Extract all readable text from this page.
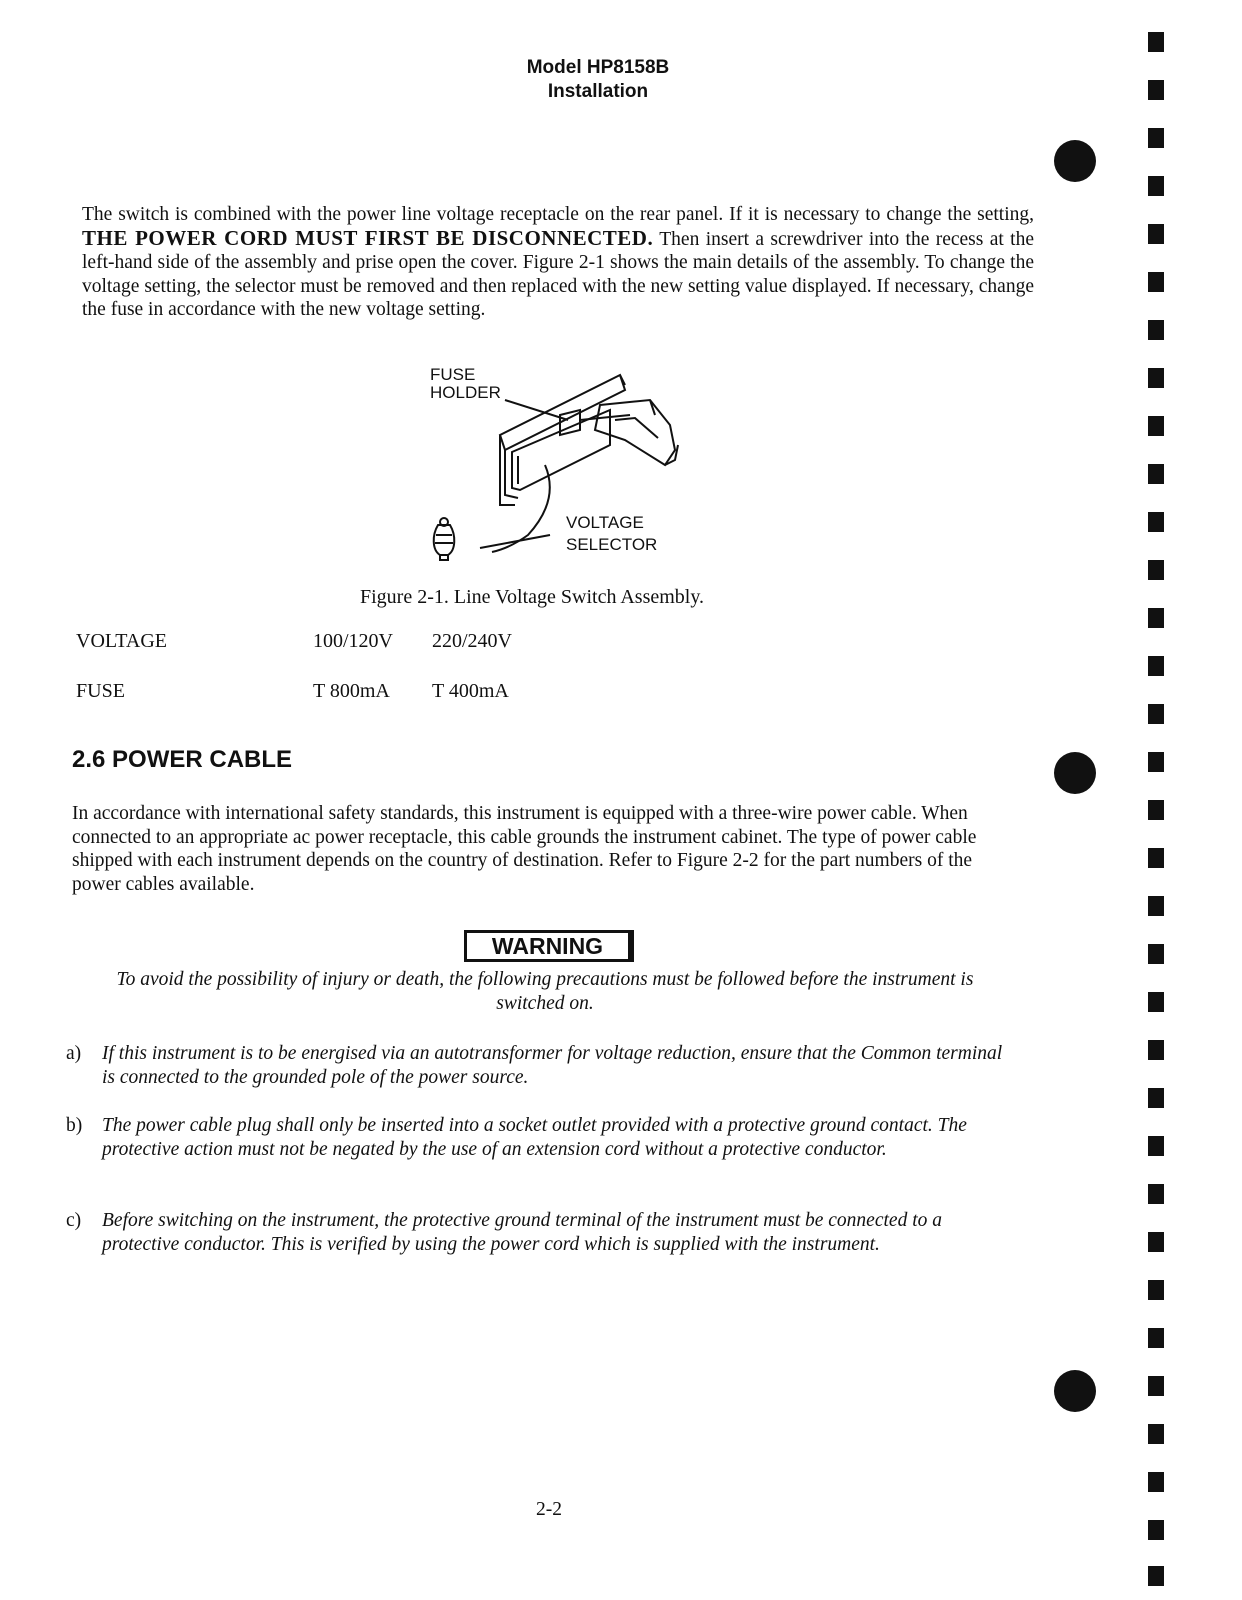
Model HP8158B
Installation
The switch is combined with the power line voltage receptacle on the rear panel. If it is necessary to change the setting, THE POWER CORD MUST FIRST BE DISCONNECTED. Then insert a screwdriver into the recess at the left-hand side of the assembly and prise open the cover. Figure 2-1 shows the main details of the assembly. To change the voltage setting, the selector must be removed and then replaced with the new setting value displayed. If necessary, change the fuse in accordance with the new voltage setting.
FUSE
HOLDER
VOLTAGE
SELECTOR
Figure 2-1. Line Voltage Switch Assembly.
VOLTAGE	100/120V 220/240V
FUSE	T 800mA T 400mA
2.6 POWER CABLE
In accordance with international safety standards, this instrument is equipped with a three-wire power cable. When connected to an appropriate ac power receptacle, this cable grounds the instrument cabinet. The type of power cable shipped with each instrument depends on the country of destination. Refer to Figure 2-2 for the part numbers of the power cables available.
WARNING
To avoid the possibility of injury or death, the following precautions must be followed before the instrument is switched on.
a) If this instrument is to be energised via an autotransformer for voltage reduction, ensure that the Common terminal is connected to the grounded pole of the power source.
b) The power cable plug shall only be inserted into a socket outlet provided with a protective ground contact. The protective action must not be negated by the use of an extension cord without a protective conductor.
c) Before switching on the instrument, the protective ground terminal of the instrument must be connected to a protective conductor. This is verified by using the power cord which is supplied with the instrument.
2-2
